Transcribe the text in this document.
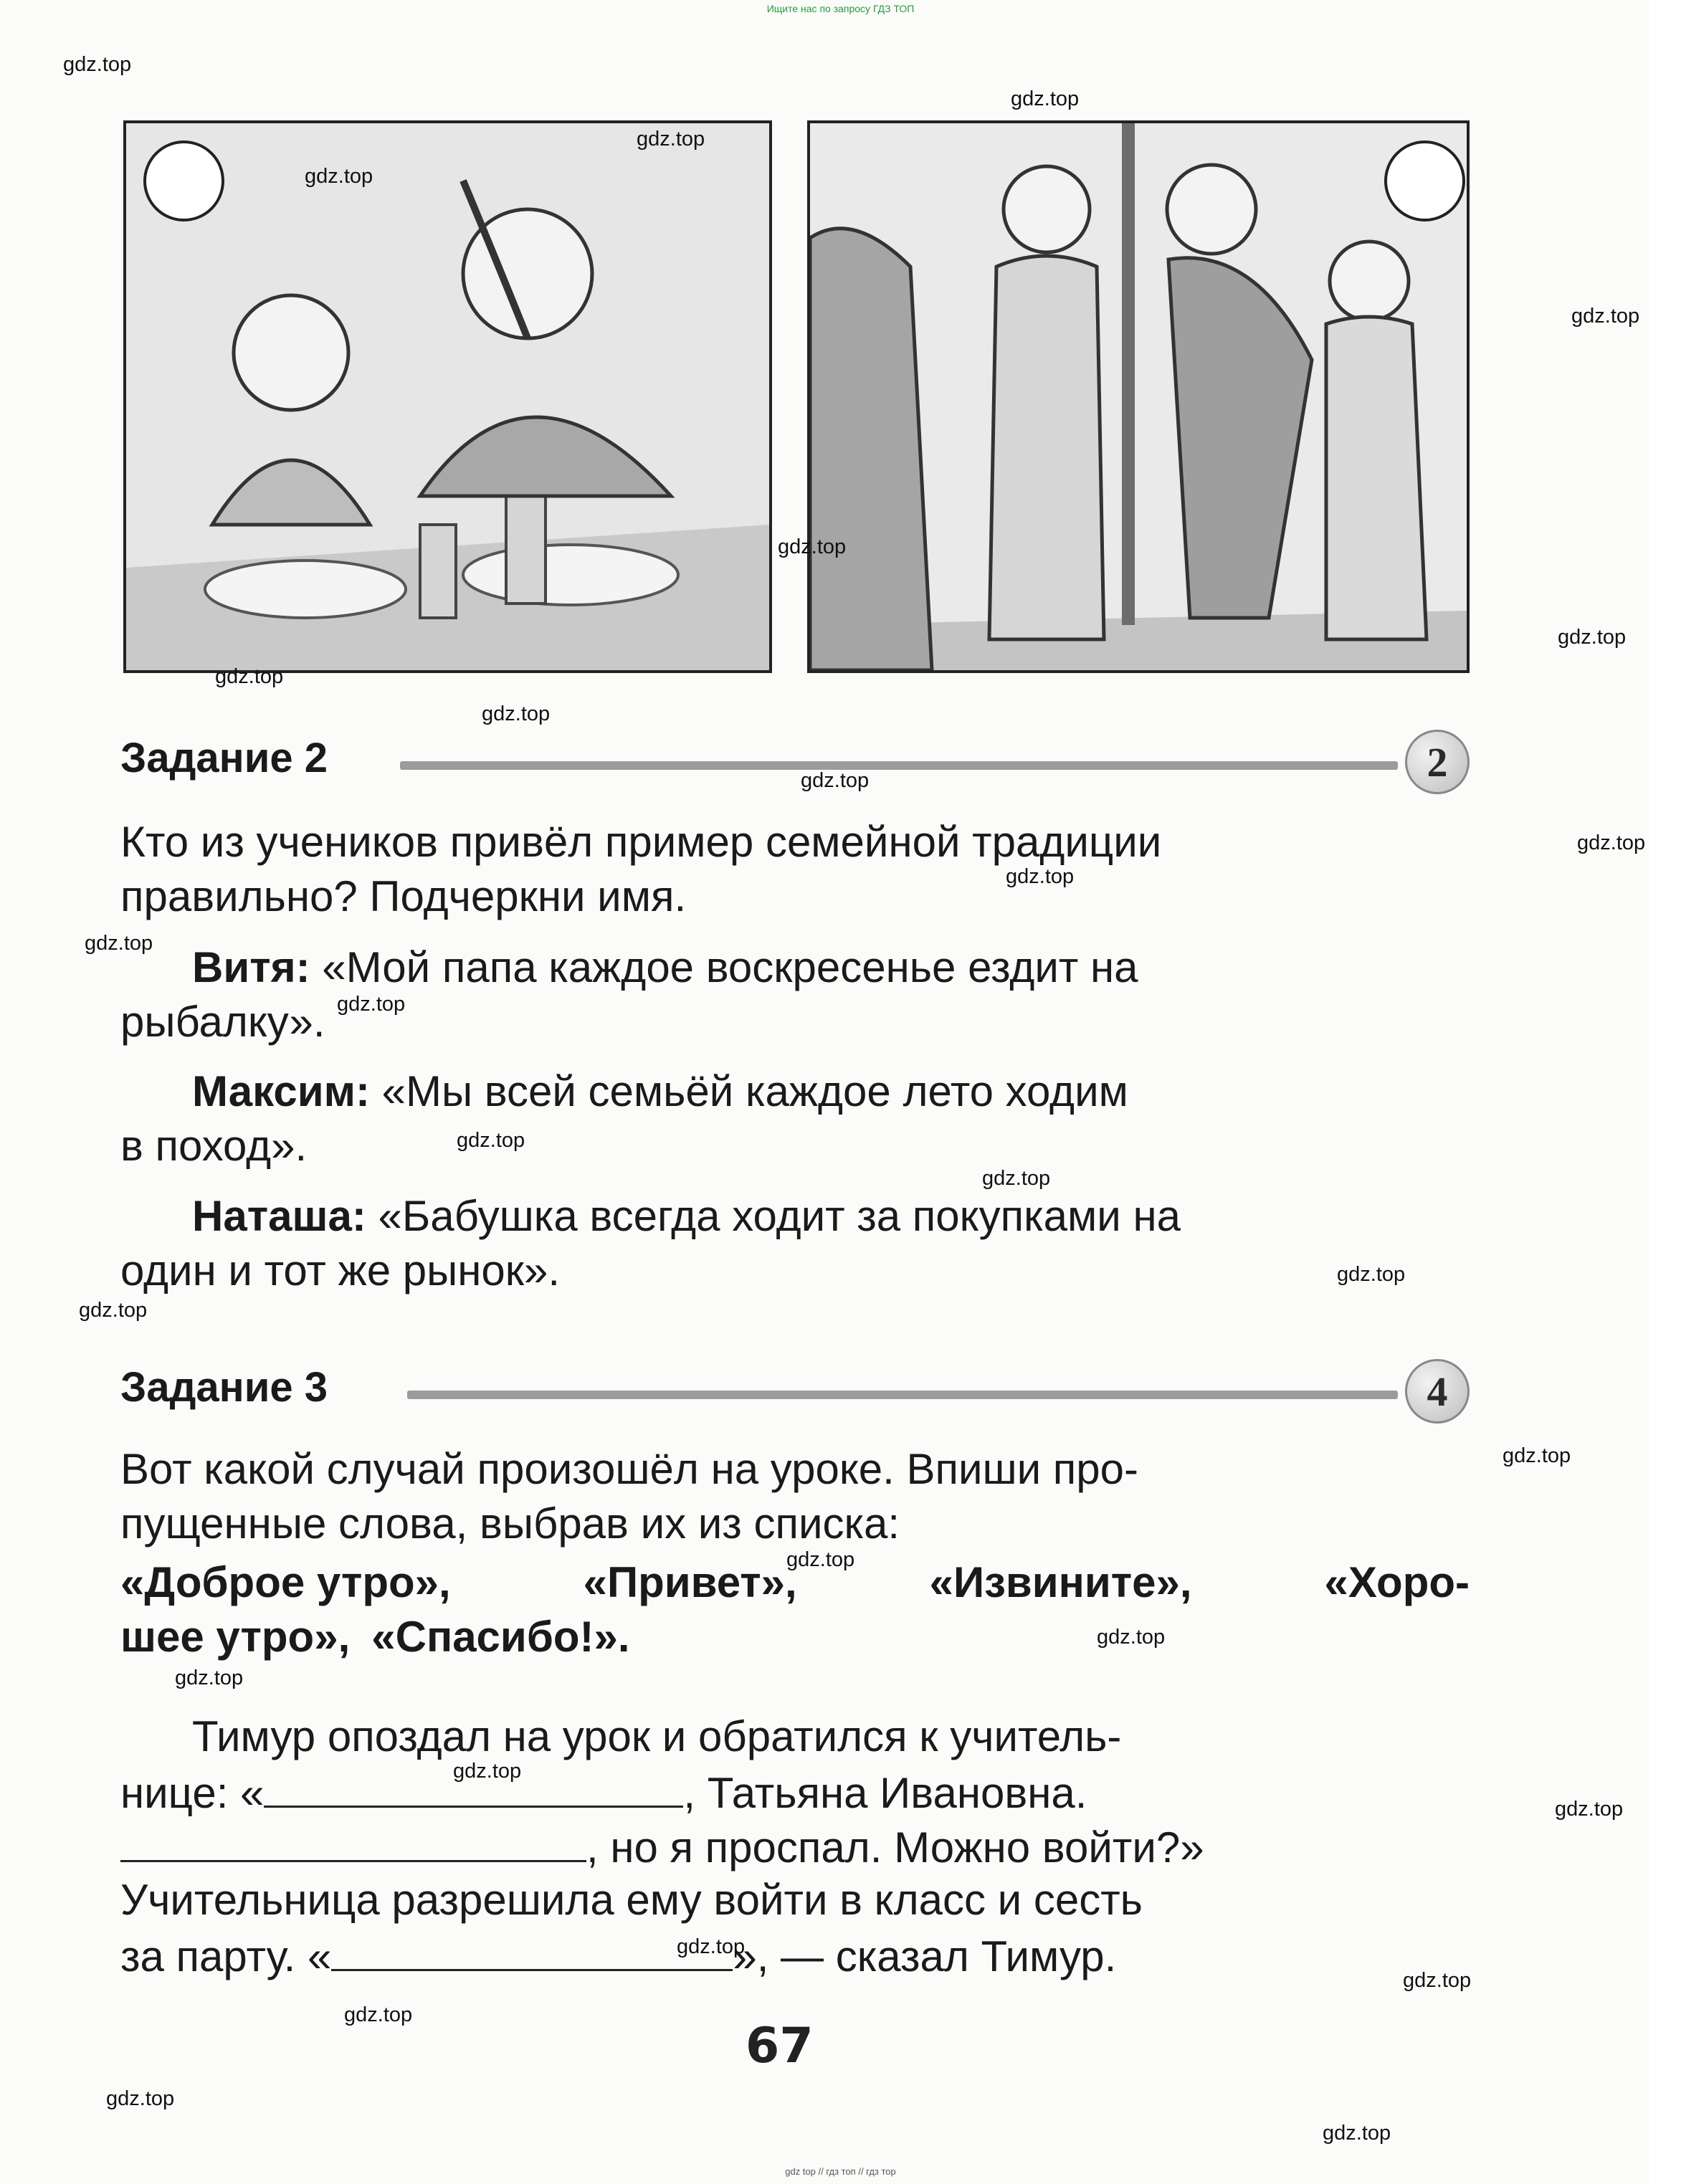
Ищите нас по запросу ГДЗ ТОП
Задание 2	2
Кто из учеников привёл пример семейной традиции
правильно? Подчеркни имя.
Витя: «Мой папа каждое воскресенье ездит на
рыбалку».
Максим: «Мы всей семьёй каждое лето ходим
в поход».
Наташа: «Бабушка всегда ходит за покупками на
один и тот же рынок».
Задание 3	4
Вот какой случай произошёл на уроке. Впиши про-
пущенные слова, выбрав их из списка:
«Доброе утро»,	«Привет»,	«Извините»,	«Хоро-
шее утро», «Спасибо!».
Тимур опоздал на урок и обратился к учитель-
нице: «	, Татьяна Ивановна.
, но я проспал. Можно войти?»
Учительница разрешила ему войти в класс и сесть
за парту. «	», — сказал Тимур.
67
gdz top // гдз топ // гдз тор
gdz.top
gdz.top
gdz.top
gdz.top
gdz.top
gdz.top
gdz.top
gdz.top
gdz.top
gdz.top
gdz.top
gdz.top
gdz.top
gdz.top
gdz.top
gdz.top
gdz.top
gdz.top
gdz.top
gdz.top
gdz.top
gdz.top
gdz.top
gdz.top
gdz.top
gdz.top
gdz.top
gdz.top
gdz.top
